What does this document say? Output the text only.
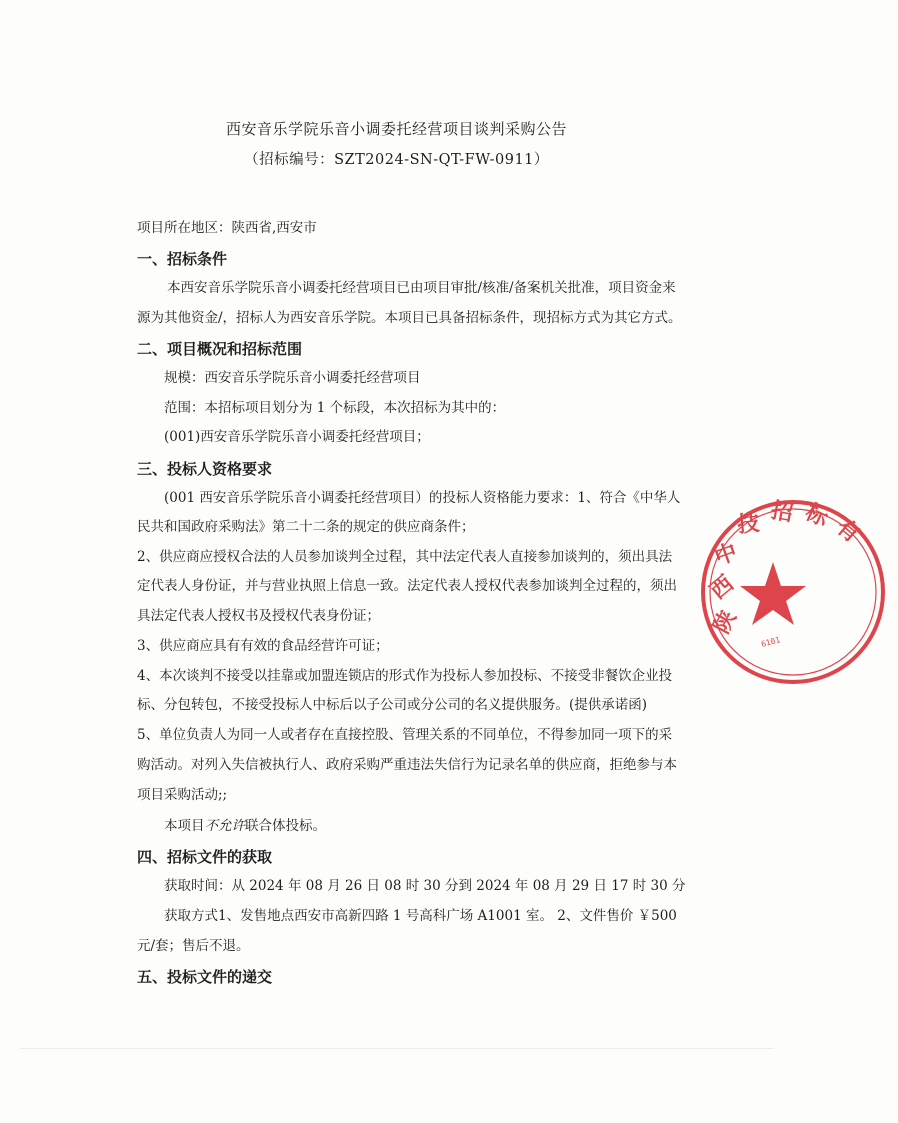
西安音乐学院乐音小调委托经营项目谈判采购公告
（招标编号：SZT2024-SN-QT-FW-0911）
项目所在地区：陕西省,西安市
一、招标条件
本西安音乐学院乐音小调委托经营项目已由项目审批/核准/备案机关批准，项目资金来
源为其他资金/，招标人为西安音乐学院。本项目已具备招标条件，现招标方式为其它方式。
二、项目概况和招标范围
规模：西安音乐学院乐音小调委托经营项目
范围：本招标项目划分为 1 个标段，本次招标为其中的：
(001)西安音乐学院乐音小调委托经营项目；
三、投标人资格要求
(001 西安音乐学院乐音小调委托经营项目）的投标人资格能力要求：1、符合《中华人
民共和国政府采购法》第二十二条的规定的供应商条件；
2、供应商应授权合法的人员参加谈判全过程，其中法定代表人直接参加谈判的，须出具法
定代表人身份证，并与营业执照上信息一致。法定代表人授权代表参加谈判全过程的，须出
具法定代表人授权书及授权代表身份证；
3、供应商应具有有效的食品经营许可证；
4、本次谈判不接受以挂靠或加盟连锁店的形式作为投标人参加投标、不接受非餐饮企业投
标、分包转包，不接受投标人中标后以子公司或分公司的名义提供服务。(提供承诺函)
5、单位负责人为同一人或者存在直接控股、管理关系的不同单位，不得参加同一项下的采
购活动。对列入失信被执行人、政府采购严重违法失信行为记录名单的供应商，拒绝参与本
项目采购活动;;
本项目不允许联合体投标。
四、招标文件的获取
获取时间：从 2024 年 08 月 26 日 08 时 30 分到 2024 年 08 月 29 日 17 时 30 分
获取方式1、发售地点西安市高新四路 1 号高科广场 A1001 室。 2、文件售价 ￥500
元/套；售后不退。
五、投标文件的递交
陕
西
中
技 招 标 有
6101
